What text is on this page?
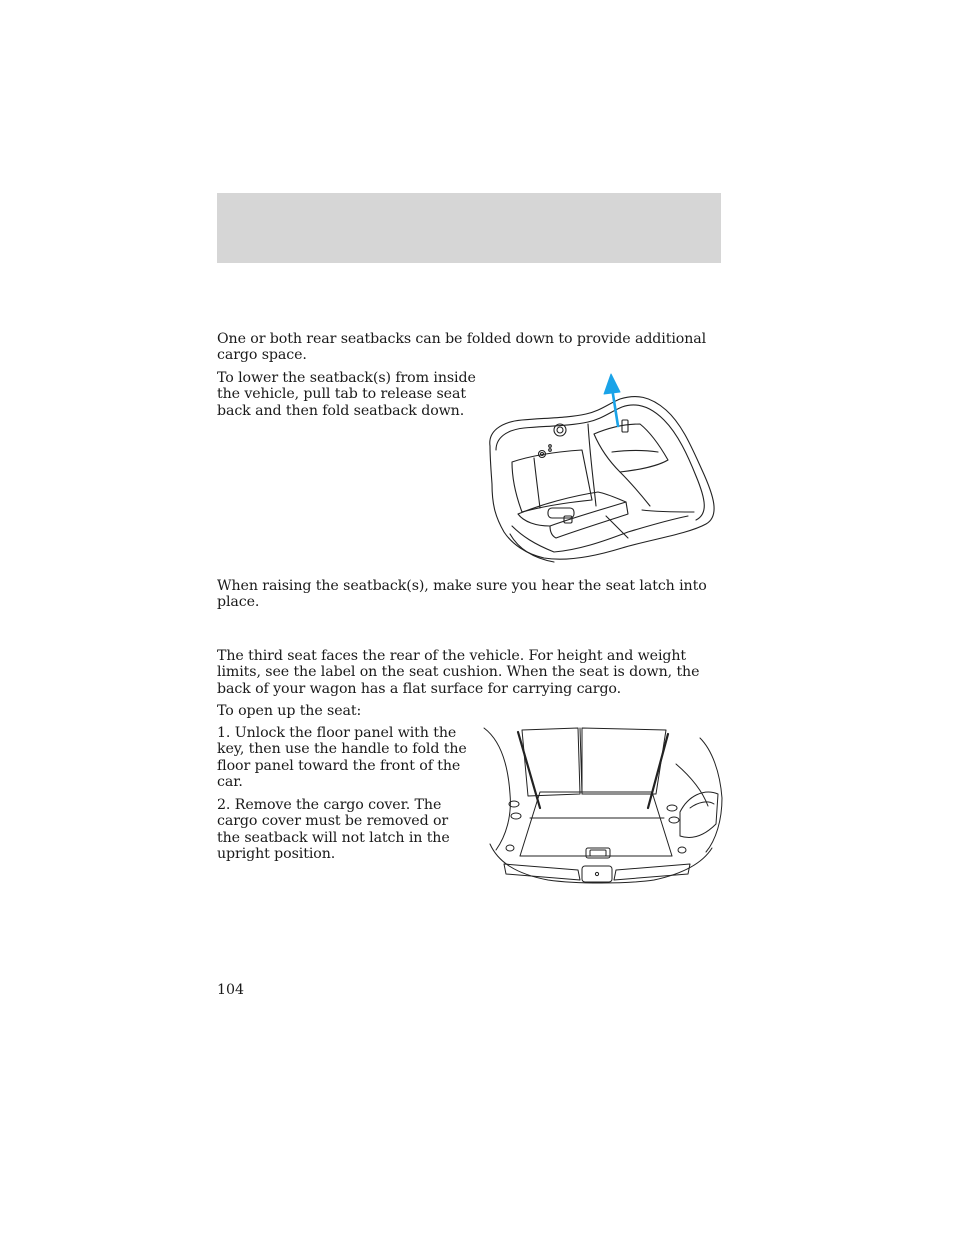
One or both rear seatbacks can be folded down to provide additional cargo space.

To lower the seatback(s) from inside the vehicle, pull tab to release seat back and then fold seatback down.

When raising the seatback(s), make sure you hear the seat latch into place.

The third seat faces the rear of the vehicle. For height and weight limits, see the label on the seat cushion. When the seat is down, the back of your wagon has a flat surface for carrying cargo.

To open up the seat:

1. Unlock the floor panel with the key, then use the handle to fold the floor panel toward the front of the car.

2. Remove the cargo cover. The cargo cover must be removed or the seatback will not latch in the upright position.

104
